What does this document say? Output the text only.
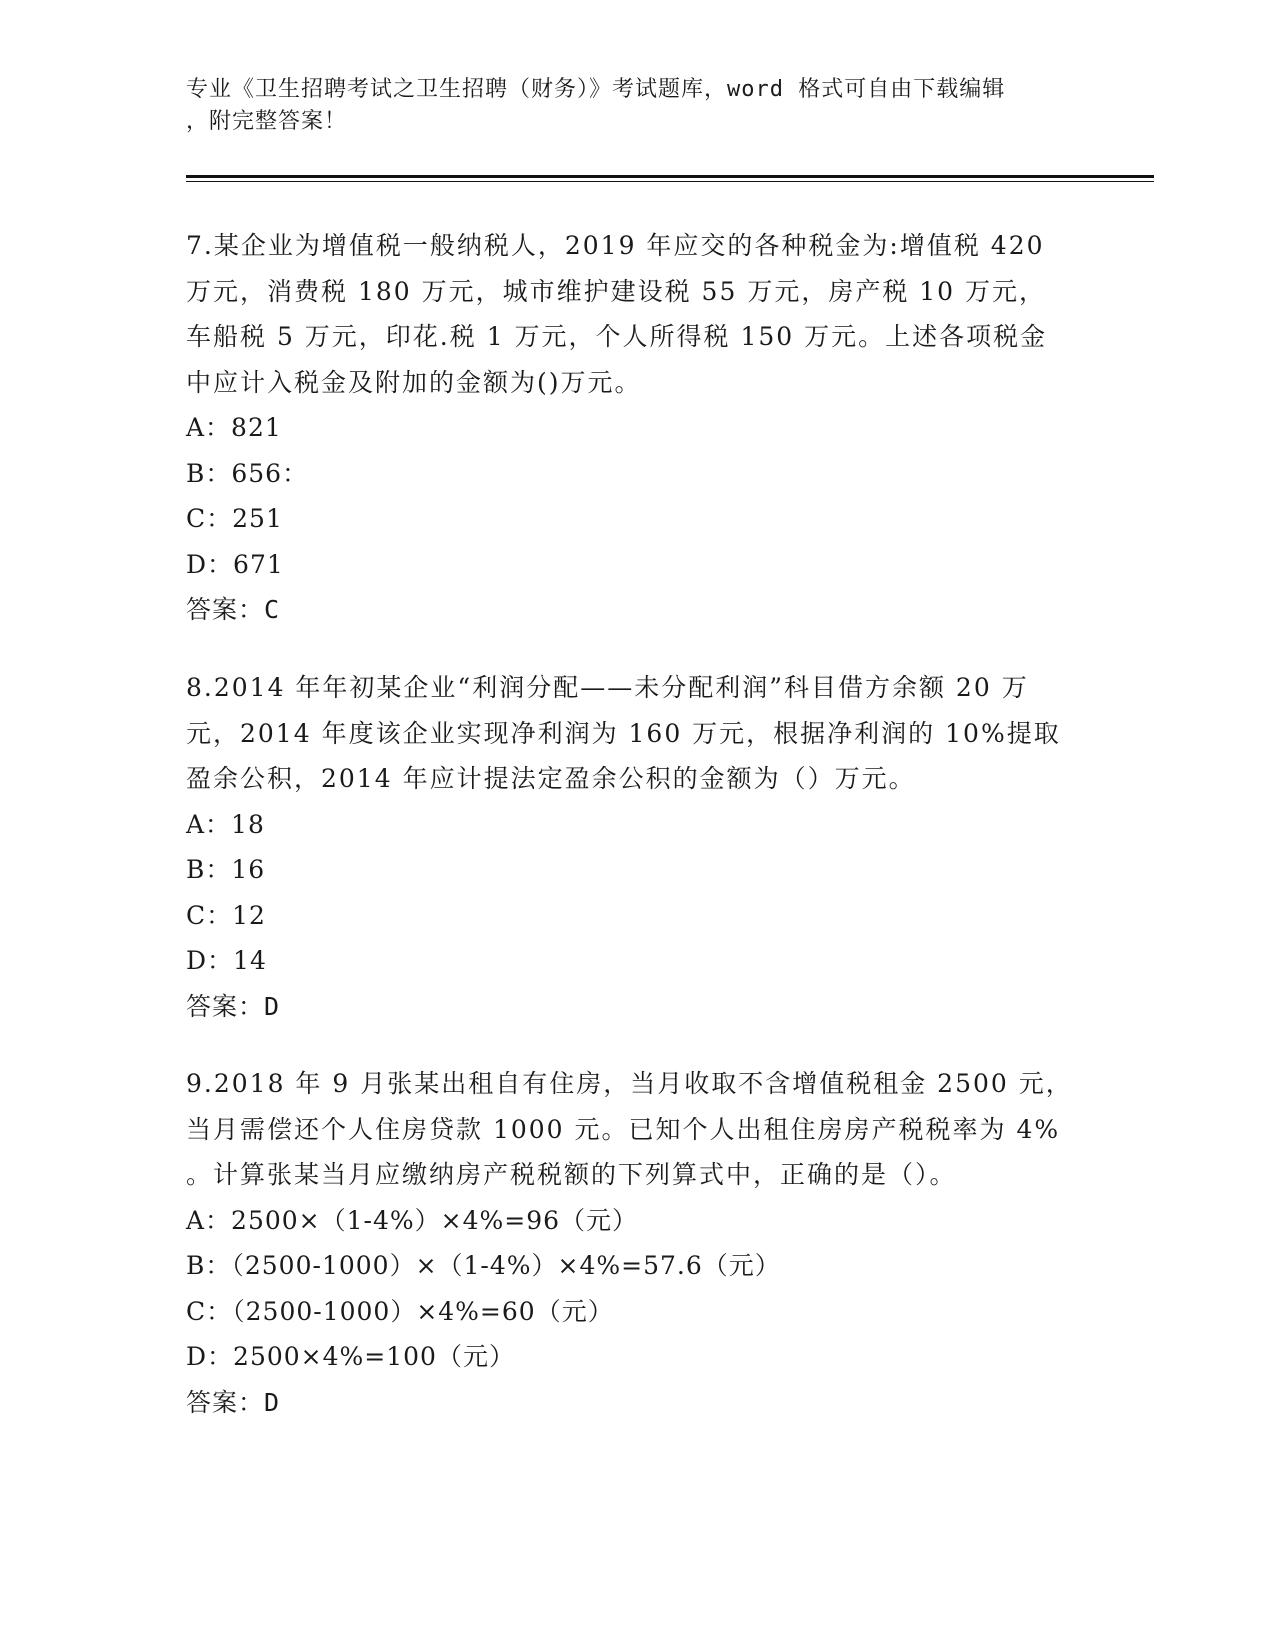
专业《卫生招聘考试之卫生招聘（财务）》考试题库，word 格式可自由下载编辑
，附完整答案！
7.某企业为增值税一般纳税人，2019 年应交的各种税金为:增值税 420
万元，消费税 180 万元，城市维护建设税 55 万元，房产税 10 万元，
车船税 5 万元，印花.税 1 万元，个人所得税 150 万元。上述各项税金
中应计入税金及附加的金额为()万元。
A：821
B：656：
C：251
D：671
答案：C
8.2014 年年初某企业“利润分配——未分配利润”科目借方余额 20 万
元，2014 年度该企业实现净利润为 160 万元，根据净利润的 10%提取
盈余公积，2014 年应计提法定盈余公积的金额为（）万元。
A：18
B：16
C：12
D：14
答案：D
9.2018 年 9 月张某出租自有住房，当月收取不含增值税租金 2500 元，
当月需偿还个人住房贷款 1000 元。已知个人出租住房房产税税率为 4%
。计算张某当月应缴纳房产税税额的下列算式中，正确的是（）。
A：2500×（1-4%）×4%=96（元）
B：（2500-1000）×（1-4%）×4%=57.6（元）
C：（2500-1000）×4%=60（元）
D：2500×4%=100（元）
答案：D
